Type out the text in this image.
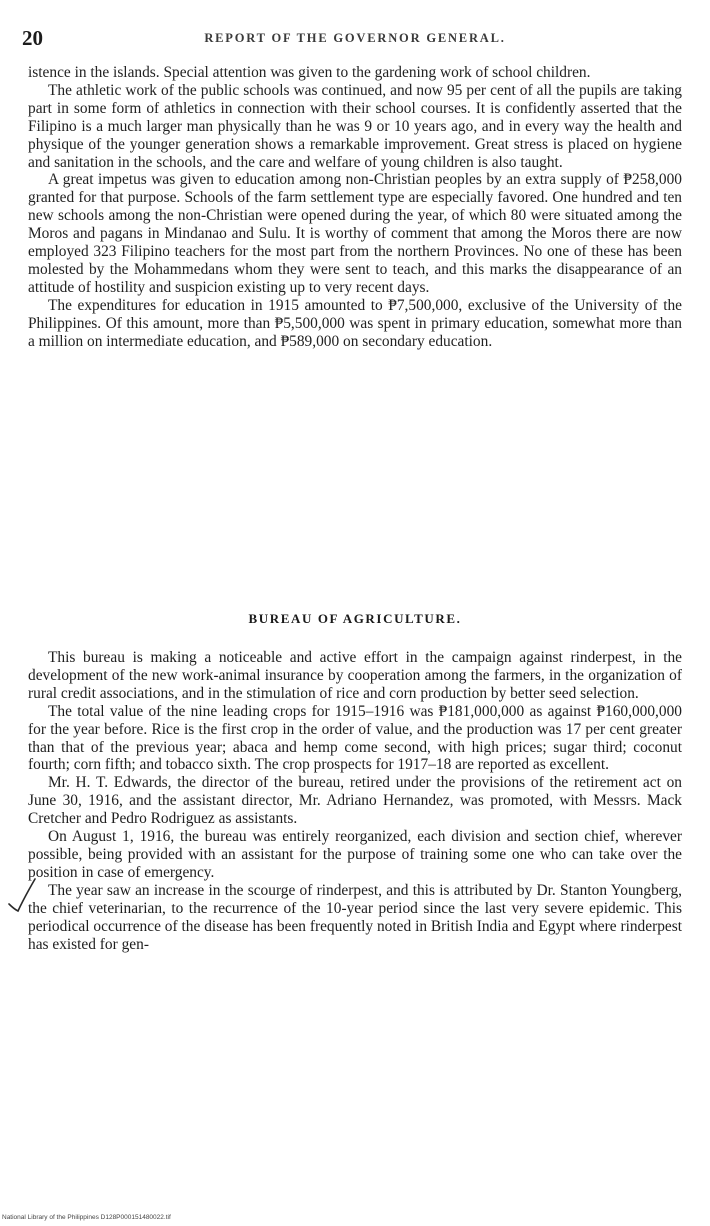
20	REPORT OF THE GOVERNOR GENERAL.

istence in the islands. Special attention was given to the gardening work of school children.

The athletic work of the public schools was continued, and now 95 per cent of all the pupils are taking part in some form of athletics in connection with their school courses. It is confidently asserted that the Filipino is a much larger man physically than he was 9 or 10 years ago, and in every way the health and physique of the younger generation shows a remarkable improvement. Great stress is placed on hygiene and sanitation in the schools, and the care and welfare of young children is also taught.

A great impetus was given to education among non-Christian peoples by an extra supply of ₱258,000 granted for that purpose. Schools of the farm settlement type are especially favored. One hundred and ten new schools among the non-Christian were opened during the year, of which 80 were situated among the Moros and pagans in Mindanao and Sulu. It is worthy of comment that among the Moros there are now employed 323 Filipino teachers for the most part from the northern Provinces. No one of these has been molested by the Mohammedans whom they were sent to teach, and this marks the disappearance of an attitude of hostility and suspicion existing up to very recent days.

The expenditures for education in 1915 amounted to ₱7,500,000, exclusive of the University of the Philippines. Of this amount, more than ₱5,500,000 was spent in primary education, somewhat more than a million on intermediate education, and ₱589,000 on secondary education.

BUREAU OF AGRICULTURE.

This bureau is making a noticeable and active effort in the campaign against rinderpest, in the development of the new work-animal insurance by cooperation among the farmers, in the organization of rural credit associations, and in the stimulation of rice and corn production by better seed selection.

The total value of the nine leading crops for 1915–1916 was ₱181,000,000 as against ₱160,000,000 for the year before. Rice is the first crop in the order of value, and the production was 17 per cent greater than that of the previous year; abaca and hemp come second, with high prices; sugar third; coconut fourth; corn fifth; and tobacco sixth. The crop prospects for 1917–18 are reported as excellent.

Mr. H. T. Edwards, the director of the bureau, retired under the provisions of the retirement act on June 30, 1916, and the assistant director, Mr. Adriano Hernandez, was promoted, with Messrs. Mack Cretcher and Pedro Rodriguez as assistants.

On August 1, 1916, the bureau was entirely reorganized, each division and section chief, wherever possible, being provided with an assistant for the purpose of training some one who can take over the position in case of emergency.

The year saw an increase in the scourge of rinderpest, and this is attributed by Dr. Stanton Youngberg, the chief veterinarian, to the recurrence of the 10-year period since the last very severe epidemic. This periodical occurrence of the disease has been frequently noted in British India and Egypt where rinderpest has existed for gen-

National Library of the Philippines D128P000151480022.tif
